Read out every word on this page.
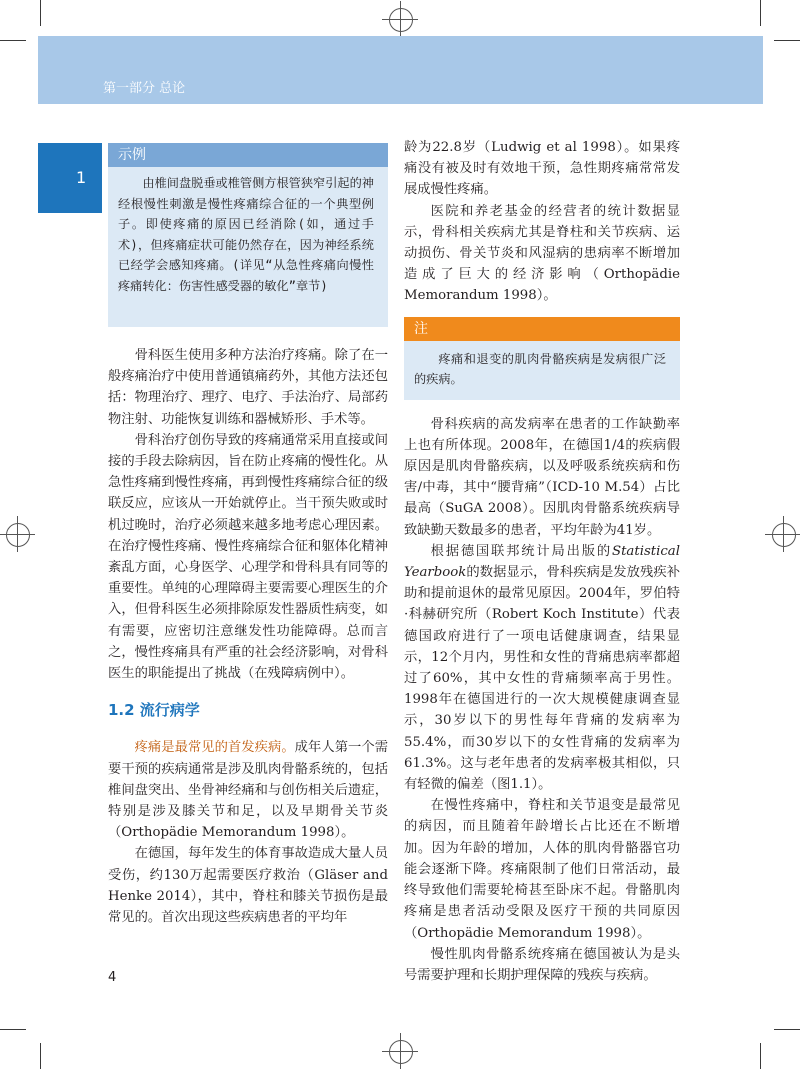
第一部分 总论
1
示例

由椎间盘脱垂或椎管侧方根管狭窄引起的神经根慢性刺激是慢性疼痛综合征的一个典型例子。即使疼痛的原因已经消除(如，通过手术)，但疼痛症状可能仍然存在，因为神经系统已经学会感知疼痛。(详见“从急性疼痛向慢性疼痛转化：伤害性感受器的敏化”章节)

骨科医生使用多种方法治疗疼痛。除了在一般疼痛治疗中使用普通镇痛药外，其他方法还包括：物理治疗、理疗、电疗、手法治疗、局部药物注射、功能恢复训练和器械矫形、手术等。

骨科治疗创伤导致的疼痛通常采用直接或间接的手段去除病因，旨在防止疼痛的慢性化。从急性疼痛到慢性疼痛，再到慢性疼痛综合征的级联反应，应该从一开始就停止。当干预失败或时机过晚时，治疗必须越来越多地考虑心理因素。在治疗慢性疼痛、慢性疼痛综合征和躯体化精神紊乱方面，心身医学、心理学和骨科具有同等的重要性。单纯的心理障碍主要需要心理医生的介入，但骨科医生必须排除原发性器质性病变，如有需要，应密切注意继发性功能障碍。总而言之，慢性疼痛具有严重的社会经济影响，对骨科医生的职能提出了挑战（在残障病例中）。

1.2 流行病学

疼痛是最常见的首发疾病。成年人第一个需要干预的疾病通常是涉及肌肉骨骼系统的，包括椎间盘突出、坐骨神经痛和与创伤相关后遗症，特别是涉及膝关节和足，以及早期骨关节炎（Orthopädie Memorandum 1998）。

在德国，每年发生的体育事故造成大量人员受伤，约130万起需要医疗救治（Gläser and Henke 2014），其中，脊柱和膝关节损伤是最常见的。首次出现这些疾病患者的平均年

龄为22.8岁（Ludwig et al 1998）。如果疼痛没有被及时有效地干预，急性期疼痛常常发展成慢性疼痛。

医院和养老基金的经营者的统计数据显示，骨科相关疾病尤其是脊柱和关节疾病、运动损伤、骨关节炎和风湿病的患病率不断增加造成了巨大的经济影响（Orthopädie Memorandum 1998）。

注

疼痛和退变的肌肉骨骼疾病是发病很广泛的疾病。

骨科疾病的高发病率在患者的工作缺勤率上也有所体现。2008年，在德国1/4的疾病假原因是肌肉骨骼疾病，以及呼吸系统疾病和伤害/中毒，其中“腰背痛”（ICD-10 M.54）占比最高（SuGA 2008）。因肌肉骨骼系统疾病导致缺勤天数最多的患者，平均年龄为41岁。

根据德国联邦统计局出版的Statistical Yearbook的数据显示，骨科疾病是发放残疾补助和提前退休的最常见原因。2004年，罗伯特·科赫研究所（Robert Koch Institute）代表德国政府进行了一项电话健康调查，结果显示，12个月内，男性和女性的背痛患病率都超过了60%，其中女性的背痛频率高于男性。1998年在德国进行的一次大规模健康调查显示，30岁以下的男性每年背痛的发病率为55.4%，而30岁以下的女性背痛的发病率为61.3%。这与老年患者的发病率极其相似，只有轻微的偏差（图1.1）。

在慢性疼痛中，脊柱和关节退变是最常见的病因，而且随着年龄增长占比还在不断增加。因为年龄的增加，人体的肌肉骨骼器官功能会逐渐下降。疼痛限制了他们日常活动，最终导致他们需要轮椅甚至卧床不起。骨骼肌肉疼痛是患者活动受限及医疗干预的共同原因（Orthopädie Memorandum 1998）。

慢性肌肉骨骼系统疼痛在德国被认为是头号需要护理和长期护理保障的残疾与疾病。

4
